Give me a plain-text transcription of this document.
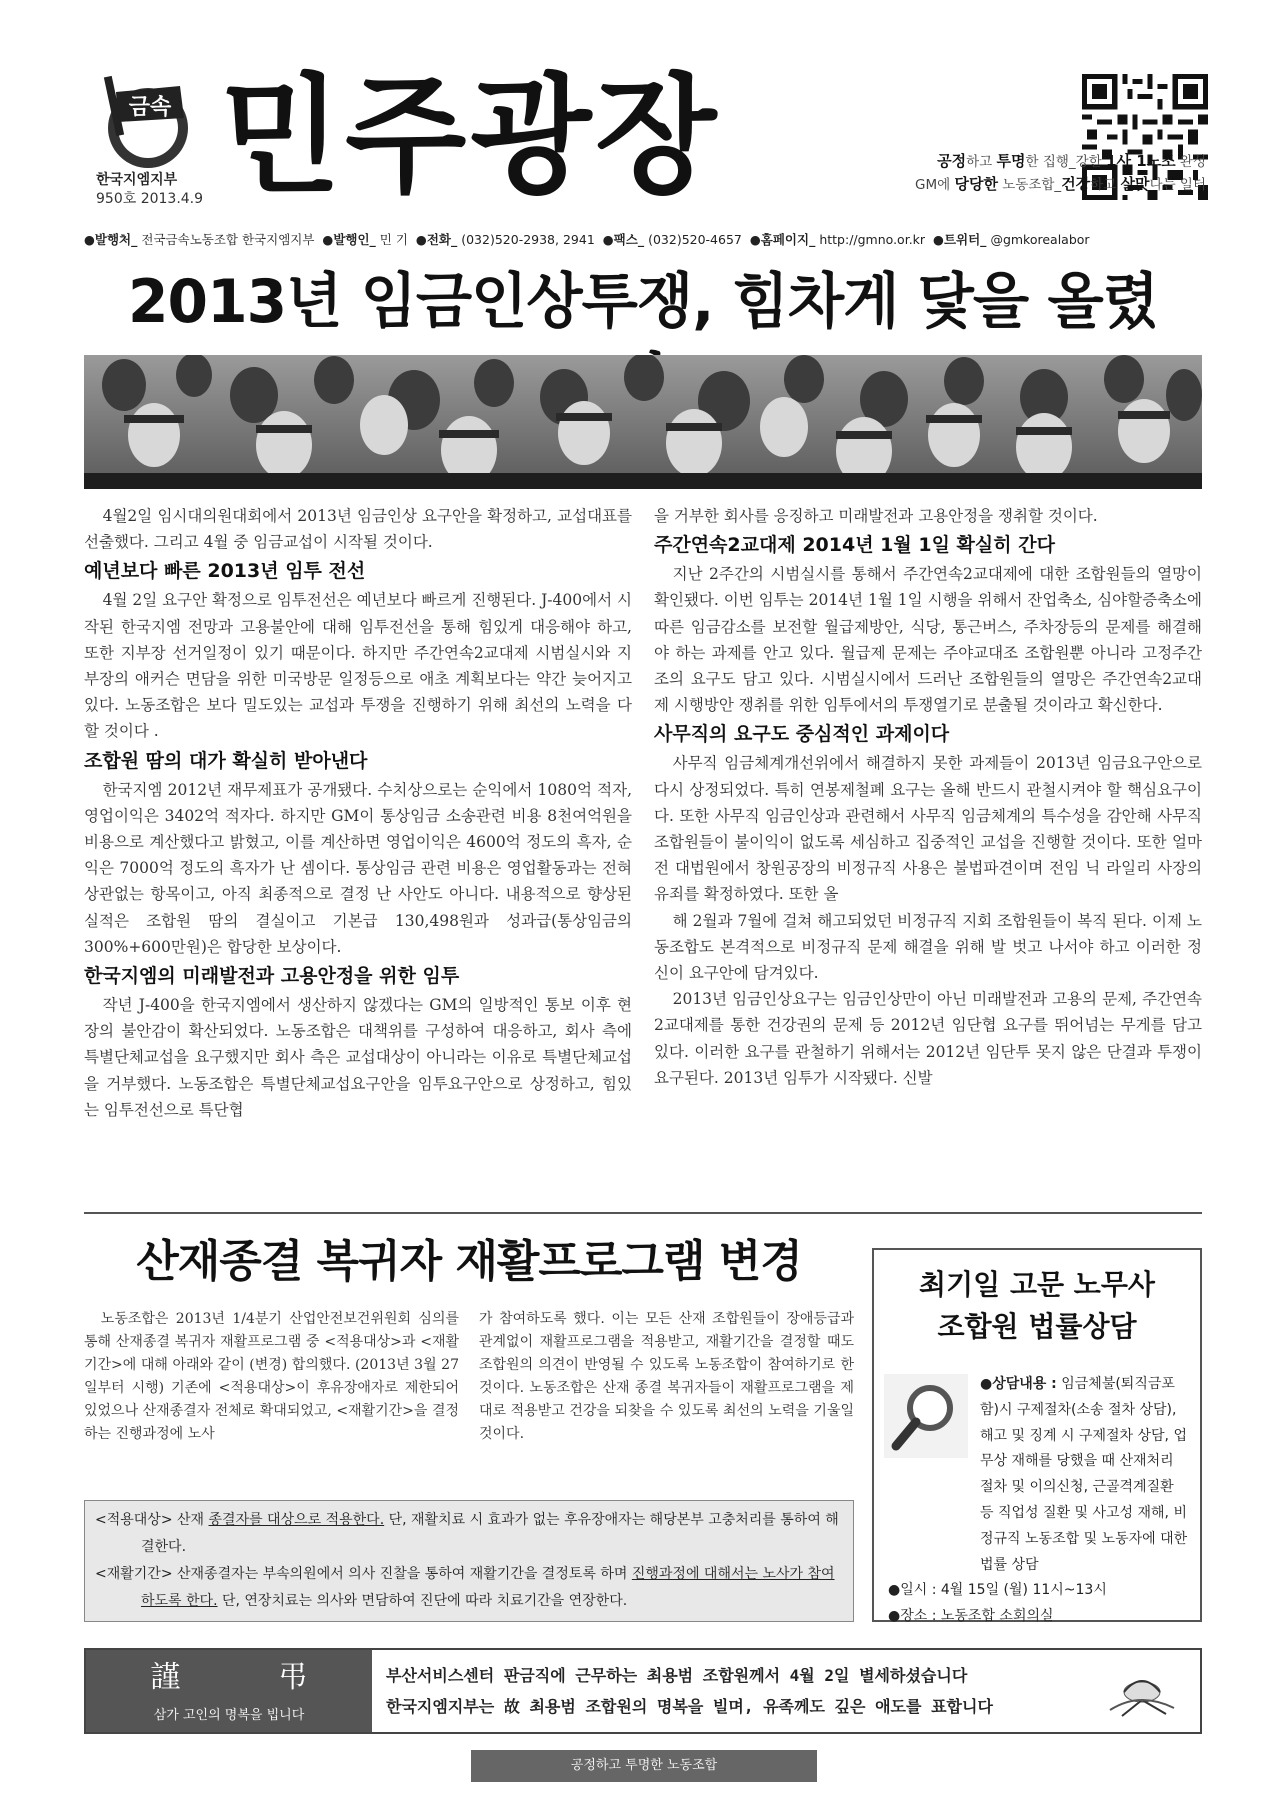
금속
한국지엠지부
950호 2013.4.9 민주광장	공정하고 투명한 집행_강한 1사 1노조 완성
GM에 당당한 노동조합_건강하고 살맛나는 일터
●발행처_ 전국금속노동조합 한국지엠지부 ●발행인_ 민 기 ●전화_ (032)520-2938, 2941 ●팩스_ (032)520-4657 ●홈페이지_ http://gmno.or.kr ●트위터_ @gmkorealabor
2013년 임금인상투쟁, 힘차게 닻을 올렸

4월2일 임시대의원대회에서 2013년 임금인상 요구안을 확정하고, 교섭대표를 선출했다. 그리고 4월 중 임금교섭이 시작될 것이다.

예년보다 빠른 2013년 임투 전선

4월 2일 요구안 확정으로 임투전선은 예년보다 빠르게 진행된다. J-400에서 시작된 한국지엠 전망과 고용불안에 대해 임투전선을 통해 힘있게 대응해야 하고, 또한 지부장 선거일정이 있기 때문이다. 하지만 주간연속2교대제 시범실시와 지부장의 애커슨 면담을 위한 미국방문 일정등으로 애초 계획보다는 약간 늦어지고 있다. 노동조합은 보다 밀도있는 교섭과 투쟁을 진행하기 위해 최선의 노력을 다 할 것이다 .

조합원 땀의 대가 확실히 받아낸다

한국지엠 2012년 재무제표가 공개됐다. 수치상으로는 순익에서 1080억 적자, 영업이익은 3402억 적자다. 하지만 GM이 통상임금 소송관련 비용 8천여억원을 비용으로 계산했다고 밝혔고, 이를 계산하면 영업이익은 4600억 정도의 흑자, 순익은 7000억 정도의 흑자가 난 셈이다. 통상임금 관련 비용은 영업활동과는 전혀 상관없는 항목이고, 아직 최종적으로 결정 난 사안도 아니다. 내용적으로 향상된 실적은 조합원 땀의 결실이고 기본급 130,498원과 성과급(통상임금의 300%+600만원)은 합당한 보상이다.

한국지엠의 미래발전과 고용안정을 위한 임투

작년 J-400을 한국지엠에서 생산하지 않겠다는 GM의 일방적인 통보 이후 현장의 불안감이 확산되었다. 노동조합은 대책위를 구성하여 대응하고, 회사 측에 특별단체교섭을 요구했지만 회사 측은 교섭대상이 아니라는 이유로 특별단체교섭을 거부했다. 노동조합은 특별단체교섭요구안을 임투요구안으로 상정하고, 힘있는 임투전선으로 특단협

을 거부한 회사를 응징하고 미래발전과 고용안정을 쟁취할 것이다.

주간연속2교대제 2014년 1월 1일 확실히 간다

지난 2주간의 시범실시를 통해서 주간연속2교대제에 대한 조합원들의 열망이 확인됐다. 이번 임투는 2014년 1월 1일 시행을 위해서 잔업축소, 심야할증축소에 따른 임금감소를 보전할 월급제방안, 식당, 통근버스, 주차장등의 문제를 해결해야 하는 과제를 안고 있다. 월급제 문제는 주야교대조 조합원뿐 아니라 고정주간조의 요구도 담고 있다. 시범실시에서 드러난 조합원들의 열망은 주간연속2교대제 시행방안 쟁취를 위한 임투에서의 투쟁열기로 분출될 것이라고 확신한다.

사무직의 요구도 중심적인 과제이다

사무직 임금체계개선위에서 해결하지 못한 과제들이 2013년 임금요구안으로 다시 상정되었다. 특히 연봉제철폐 요구는 올해 반드시 관철시켜야 할 핵심요구이다. 또한 사무직 임금인상과 관련해서 사무직 임금체계의 특수성을 감안해 사무직 조합원들이 불이익이 없도록 세심하고 집중적인 교섭을 진행할 것이다. 또한 얼마 전 대법원에서 창원공장의 비정규직 사용은 불법파견이며 전임 닉 라일리 사장의 유죄를 확정하였다. 또한 올

해 2월과 7월에 걸쳐 해고되었던 비정규직 지회 조합원들이 복직 된다. 이제 노동조합도 본격적으로 비정규직 문제 해결을 위해 발 벗고 나서야 하고 이러한 정신이 요구안에 담겨있다.

2013년 임금인상요구는 임금인상만이 아닌 미래발전과 고용의 문제, 주간연속2교대제를 통한 건강권의 문제 등 2012년 임단협 요구를 뛰어넘는 무게를 담고 있다. 이러한 요구를 관철하기 위해서는 2012년 임단투 못지 않은 단결과 투쟁이 요구된다. 2013년 임투가 시작됐다. 신발

산재종결 복귀자 재활프로그램 변경

노동조합은 2013년 1/4분기 산업안전보건위원회 심의를 통해 산재종결 복귀자 재활프로그램 중 <적용대상>과 <재활기간>에 대해 아래와 같이 (변경) 합의했다. (2013년 3월 27일부터 시행) 기존에 <적용대상>이 후유장애자로 제한되어 있었으나 산재종결자 전체로 확대되었고, <재활기간>을 결정하는 진행과정에 노사

가 참여하도록 했다. 이는 모든 산재 조합원들이 장애등급과 관계없이 재활프로그램을 적용받고, 재활기간을 결정할 때도 조합원의 의견이 반영될 수 있도록 노동조합이 참여하기로 한 것이다. 노동조합은 산재 종결 복귀자들이 재활프로그램을 제대로 적용받고 건강을 되찾을 수 있도록 최선의 노력을 기울일 것이다.

<적용대상> 산재 종결자를 대상으로 적용한다. 단, 재활치료 시 효과가 없는 후유장애자는 해당본부 고충처리를 통하여 해결한다.
<재활기간> 산재종결자는 부속의원에서 의사 진찰을 통하여 재활기간을 결정토록 하며 진행과정에 대해서는 노사가 참여 하도록 한다. 단, 연장치료는 의사와 면담하여 진단에 따라 치료기간을 연장한다.
최기일 고문 노무사
조합원 법률상담
●상담내용 : 임금체불(퇴직금포함)시 구제절차(소송 절차 상담), 해고 및 징계 시 구제절차 상담, 업무상 재해를 당했을 때 산재처리 절차 및 이의신청, 근골격계질환 등 직업성 질환 및 사고성 재해, 비정규직 노동조합 및 노동자에 대한 법률 상담
●일시 : 4월 15일 (월) 11시~13시
●장소 : 노동조합 소회의실
謹 弔
삼가 고인의 명복을 빕니다
부산서비스센터 판금직에 근무하는 최용범 조합원께서 4월 2일 별세하셨습니다
한국지엠지부는 故 최용범 조합원의 명복을 빌며, 유족께도 깊은 애도를 표합니다
공정하고 투명한 노동조합
